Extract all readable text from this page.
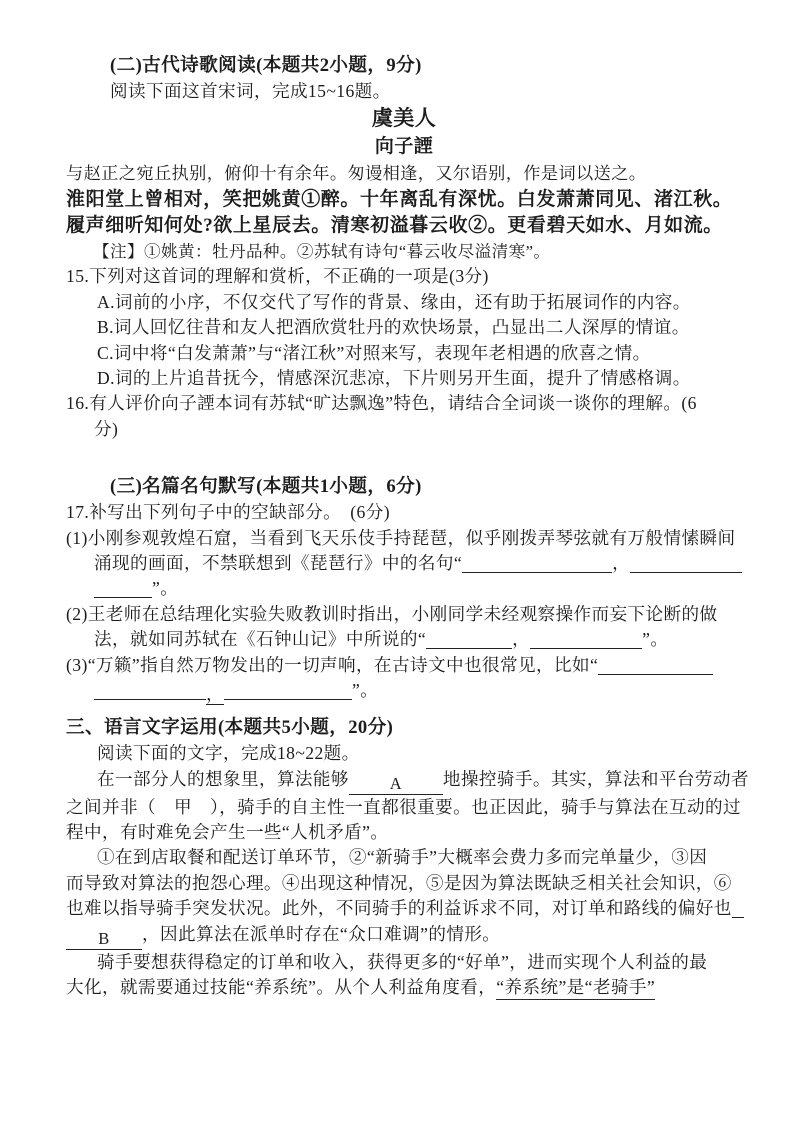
(二)古代诗歌阅读(本题共2小题，9分)
阅读下面这首宋词，完成15~16题。
虞美人
向子諲
与赵正之宛丘执别，俯仰十有余年。匆谩相逢，又尔语别，作是词以送之。
淮阳堂上曾相对，笑把姚黄①醉。十年离乱有深忧。白发萧萧同见、渚江秋。
履声细听知何处?欲上星辰去。清寒初溢暮云收②。更看碧天如水、月如流。
【注】①姚黄：牡丹品种。②苏轼有诗句“暮云收尽溢清寒”。
15.下列对这首词的理解和赏析，不正确的一项是(3分)
A.词前的小序，不仅交代了写作的背景、缘由，还有助于拓展词作的内容。
B.词人回忆往昔和友人把酒欣赏牡丹的欢快场景，凸显出二人深厚的情谊。
C.词中将“白发萧萧”与“渚江秋”对照来写，表现年老相遇的欣喜之情。
D.词的上片追昔抚今，情感深沉悲凉，下片则另开生面，提升了情感格调。
16.有人评价向子諲本词有苏轼“旷达飘逸”特色，请结合全词谈一谈你的理解。(6
分)
(三)名篇名句默写(本题共1小题，6分)
17.补写出下列句子中的空缺部分。　(6分)
(1)小刚参观敦煌石窟，当看到飞天乐伎手持琵琶，似乎刚拨弄琴弦就有万般情愫瞬间
涌现的画面，不禁联想到《琵琶行》中的名句“	，
”。
(2)王老师在总结理化实验失败教训时指出，小刚同学未经观察操作而妄下论断的做
法，就如同苏轼在《石钟山记》中所说的“	，	”。
(3)“万籁”指自然万物发出的一切声响，在古诗文中也很常见，比如“
，	”。
三、语言文字运用(本题共5小题，20分)
阅读下面的文字，完成18~22题。
在一部分人的想象里，算法能够 A 地操控骑手。其实，算法和平台劳动者
之间并非（　甲　），骑手的自主性一直都很重要。也正因此，骑手与算法在互动的过
程中，有时难免会产生一些“人机矛盾”。
①在到店取餐和配送订单环节，②“新骑手”大概率会费力多而完单量少，③因
而导致对算法的抱怨心理。④出现这种情况，⑤是因为算法既缺乏相关社会知识，⑥
也难以指导骑手突发状况。此外，不同骑手的利益诉求不同，对订单和路线的偏好也
B ，因此算法在派单时存在“众口难调”的情形。
骑手要想获得稳定的订单和收入，获得更多的“好单”，进而实现个人利益的最
大化，就需要通过技能“养系统”。从个人利益角度看，“养系统”是“老骑手”
